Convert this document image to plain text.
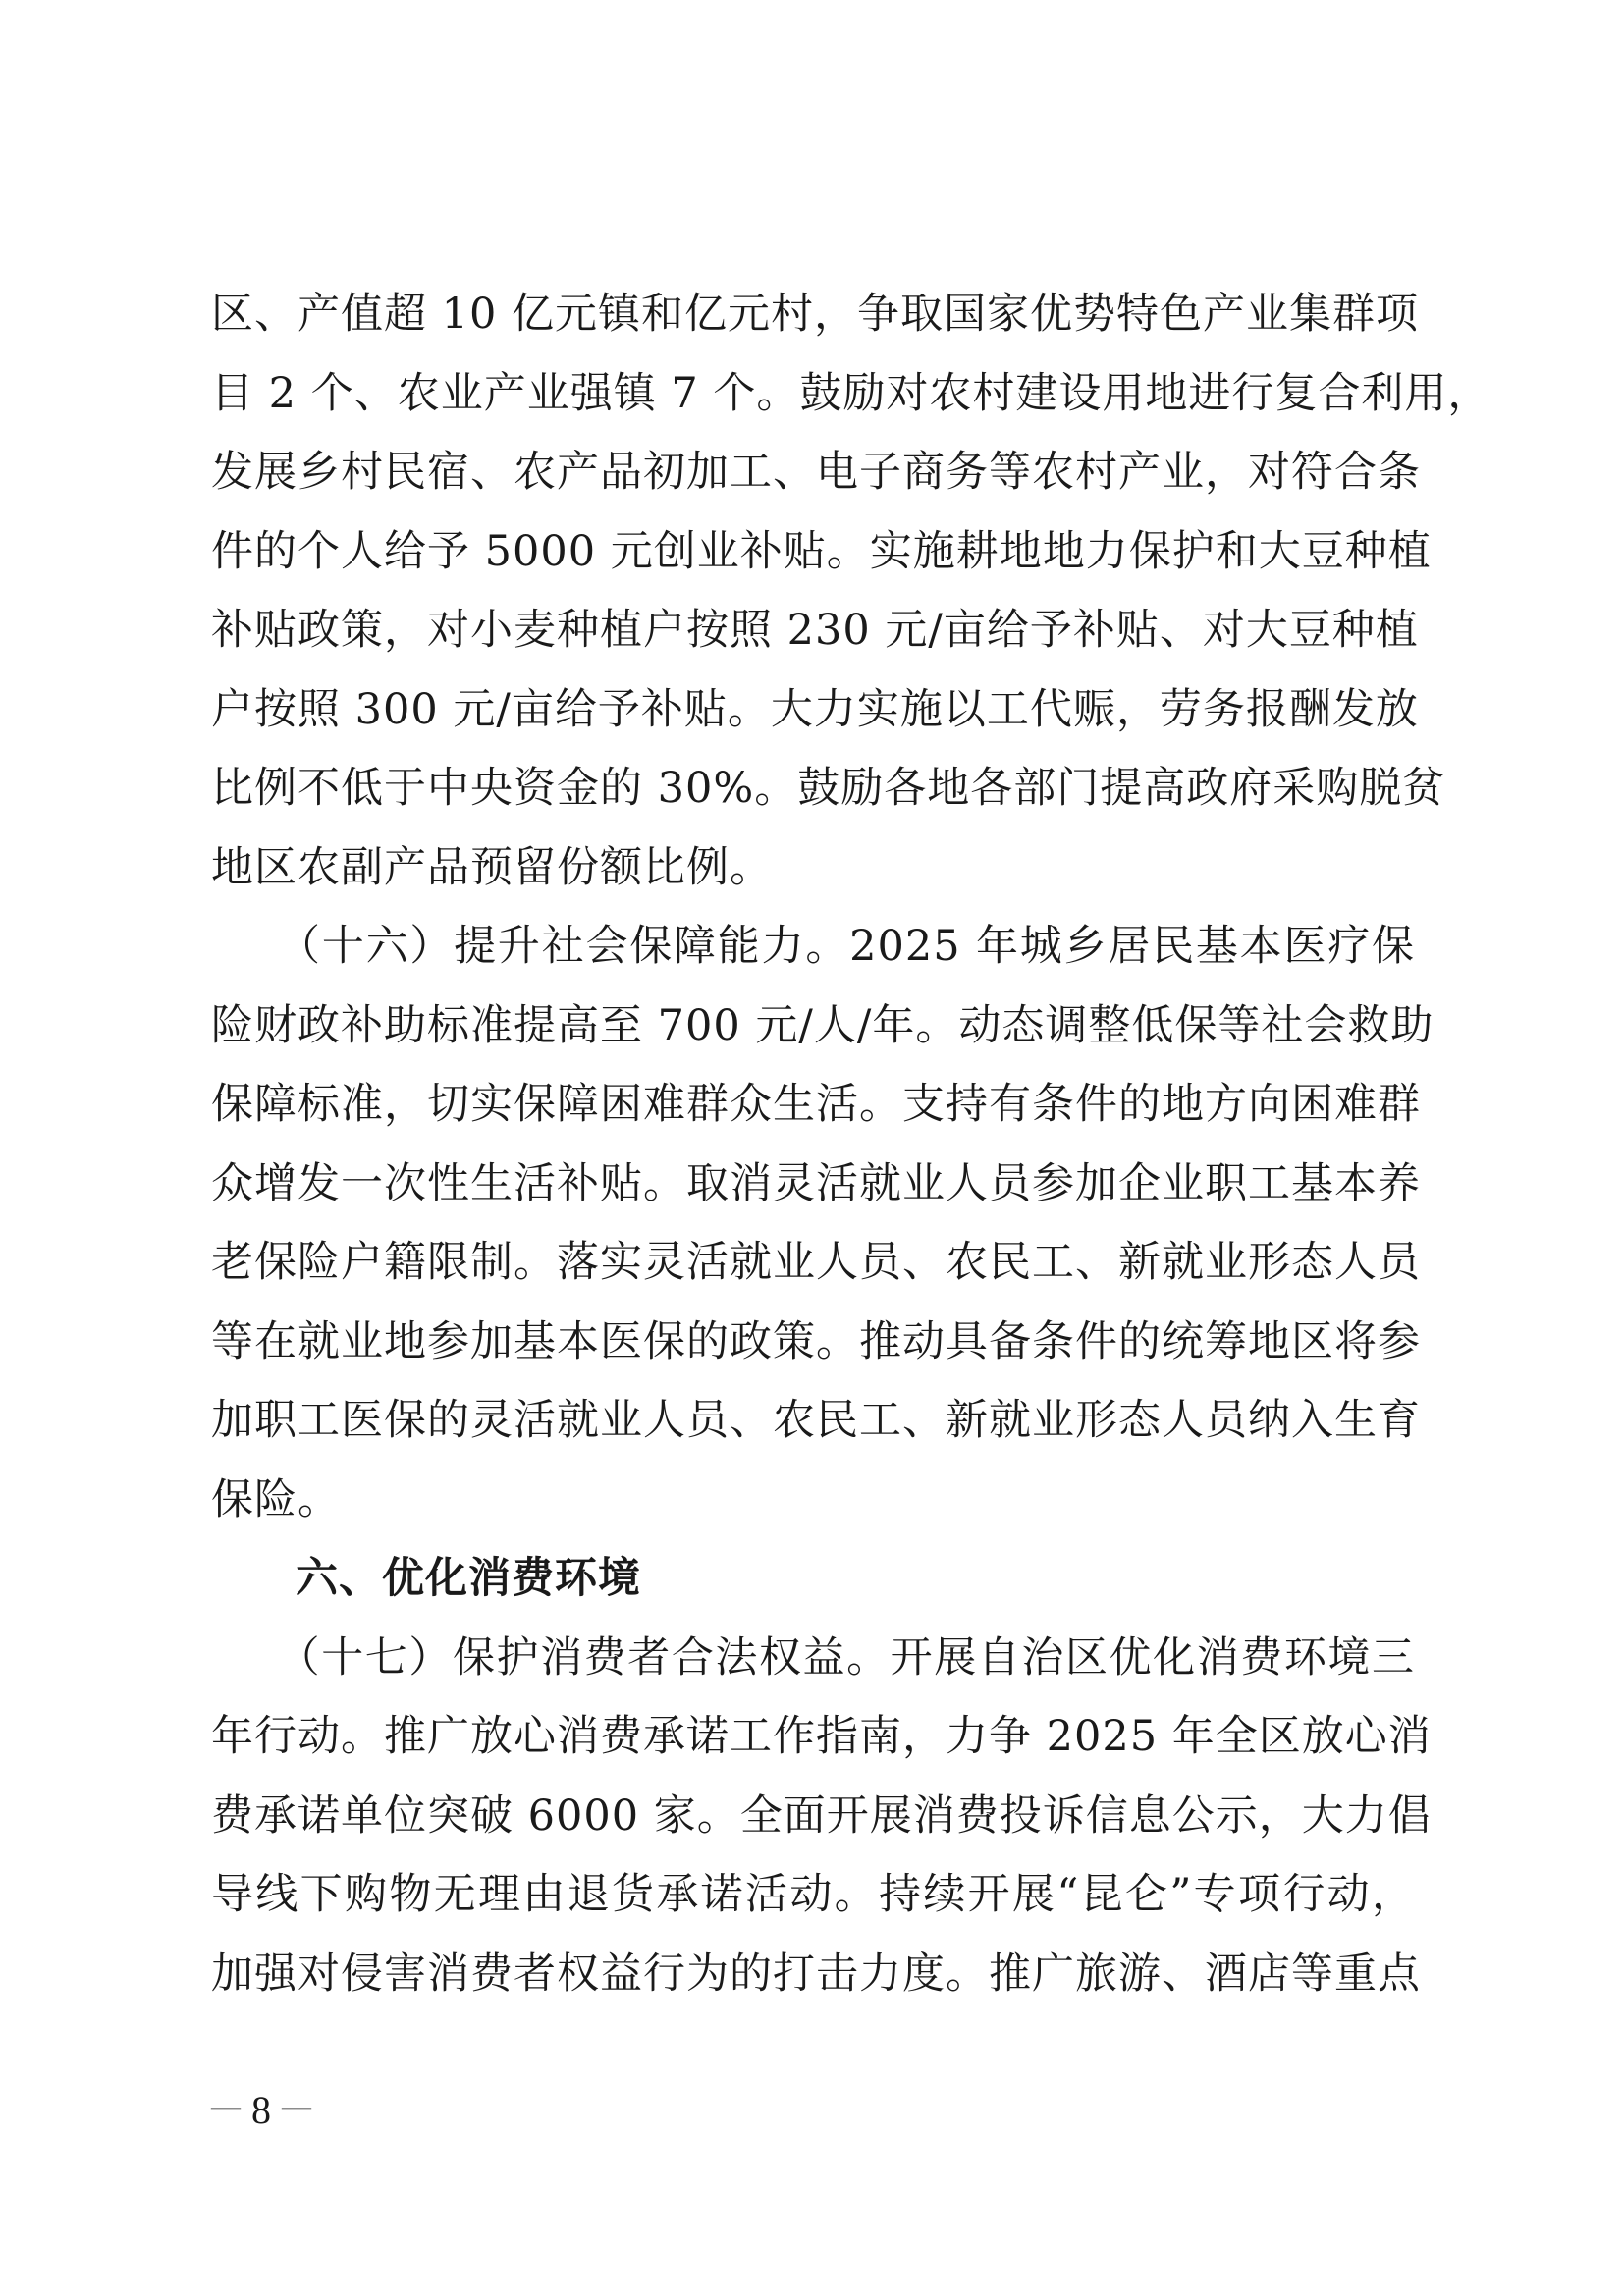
区、产值超 10 亿元镇和亿元村，争取国家优势特色产业集群项
目 2 个、农业产业强镇 7 个。鼓励对农村建设用地进行复合利用，
发展乡村民宿、农产品初加工、电子商务等农村产业，对符合条
件的个人给予 5000 元创业补贴。实施耕地地力保护和大豆种植
补贴政策，对小麦种植户按照 230 元/亩给予补贴、对大豆种植
户按照 300 元/亩给予补贴。大力实施以工代赈，劳务报酬发放
比例不低于中央资金的 30%。鼓励各地各部门提高政府采购脱贫
地区农副产品预留份额比例。
　　（十六）提升社会保障能力。2025 年城乡居民基本医疗保
险财政补助标准提高至 700 元/人/年。动态调整低保等社会救助
保障标准，切实保障困难群众生活。支持有条件的地方向困难群
众增发一次性生活补贴。取消灵活就业人员参加企业职工基本养
老保险户籍限制。落实灵活就业人员、农民工、新就业形态人员
等在就业地参加基本医保的政策。推动具备条件的统筹地区将参
加职工医保的灵活就业人员、农民工、新就业形态人员纳入生育
保险。
六、优化消费环境
　　（十七）保护消费者合法权益。开展自治区优化消费环境三
年行动。推广放心消费承诺工作指南，力争 2025 年全区放心消
费承诺单位突破 6000 家。全面开展消费投诉信息公示，大力倡
导线下购物无理由退货承诺活动。持续开展“昆仑”专项行动，
加强对侵害消费者权益行为的打击力度。推广旅游、酒店等重点
－8－
